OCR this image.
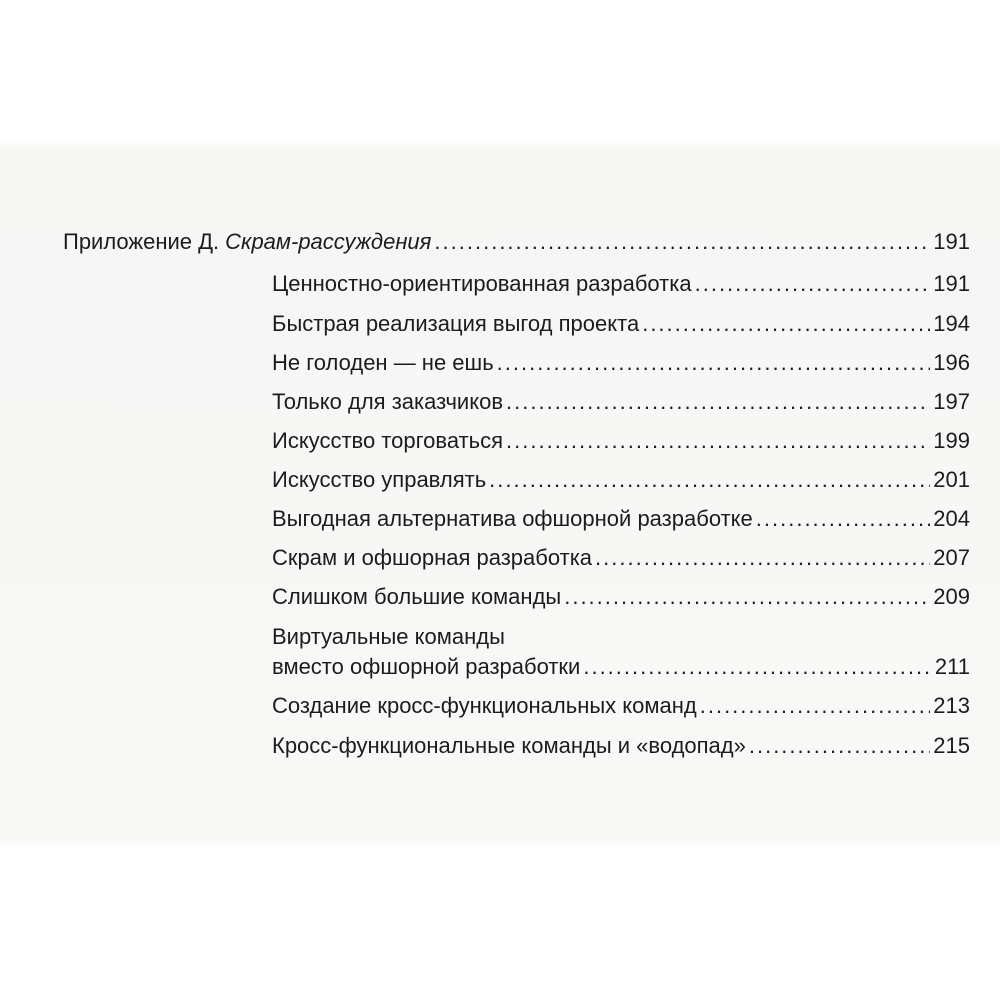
Приложение Д. Скрам-рассуждения .....	191
Ценностно-ориентированная разработка .....	191
Быстрая реализация выгод проекта .....	194
Не голоден — не ешь .....	196
Только для заказчиков .....	197
Искусство торговаться .....	199
Искусство управлять .....	201
Выгодная альтернатива офшорной разработке .....	204
Скрам и офшорная разработка .....	207
Слишком большие команды .....	209
Виртуальные команды
вместо офшорной разработки .....	211
Создание кросс-функциональных команд .....	213
Кросс-функциональные команды и «водопад» .....	215
